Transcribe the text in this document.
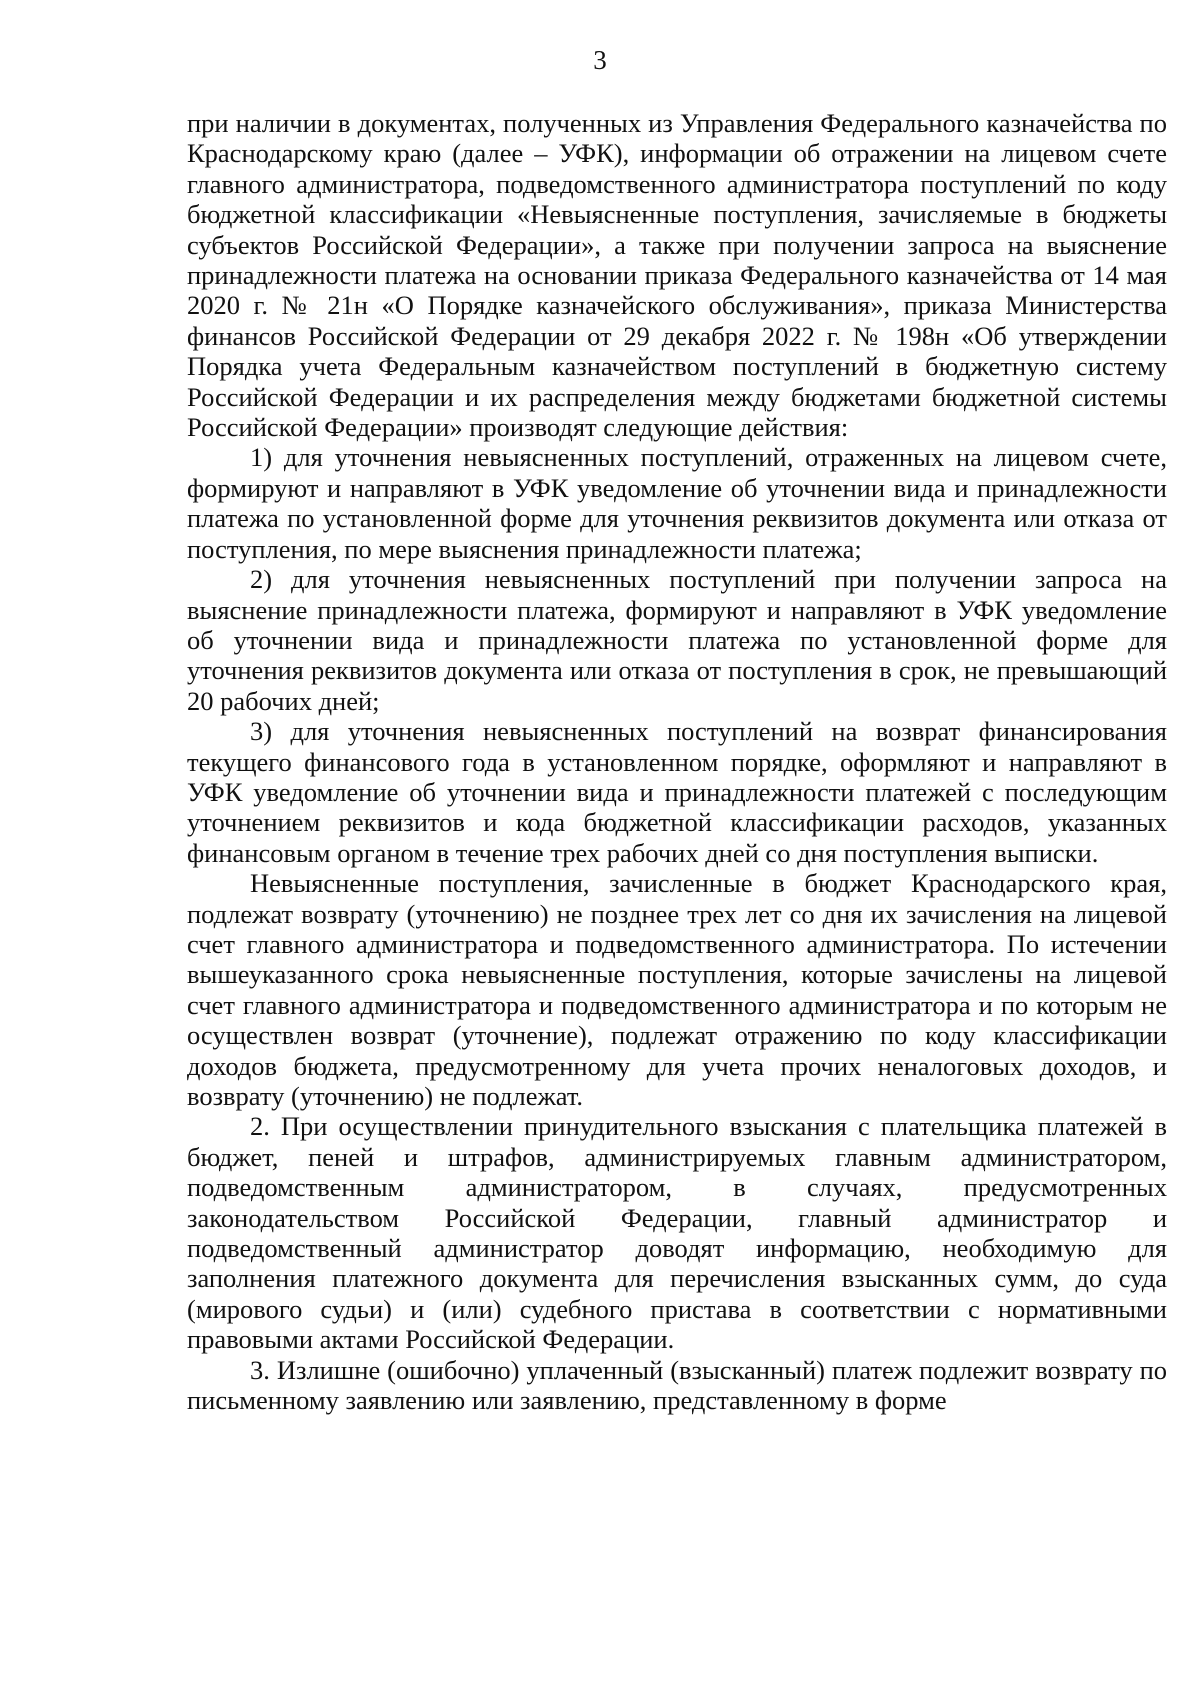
3

при наличии в документах, полученных из Управления Федерального казначейства по Краснодарскому краю (далее – УФК), информации об отражении на лицевом счете главного администратора, подведомственного администратора поступлений по коду бюджетной классификации «Невыясненные поступления, зачисляемые в бюджеты субъектов Российской Федерации», а также при получении запроса на выяснение принадлежности платежа на основании приказа Федерального казначейства от 14 мая 2020 г. № 21н «О Порядке казначейского обслуживания», приказа Министерства финансов Российской Федерации от 29 декабря 2022 г. № 198н «Об утверждении Порядка учета Федеральным казначейством поступлений в бюджетную систему Российской Федерации и их распределения между бюджетами бюджетной системы Российской Федерации» производят следующие действия:

1) для уточнения невыясненных поступлений, отраженных на лицевом счете, формируют и направляют в УФК уведомление об уточнении вида и принадлежности платежа по установленной форме для уточнения реквизитов документа или отказа от поступления, по мере выяснения принадлежности платежа;

2) для уточнения невыясненных поступлений при получении запроса на выяснение принадлежности платежа, формируют и направляют в УФК уведомление об уточнении вида и принадлежности платежа по установленной форме для уточнения реквизитов документа или отказа от поступления в срок, не превышающий 20 рабочих дней;

3) для уточнения невыясненных поступлений на возврат финансирования текущего финансового года в установленном порядке, оформляют и направляют в УФК уведомление об уточнении вида и принадлежности платежей с последующим уточнением реквизитов и кода бюджетной классификации расходов, указанных финансовым органом в течение трех рабочих дней со дня поступления выписки.

Невыясненные поступления, зачисленные в бюджет Краснодарского края, подлежат возврату (уточнению) не позднее трех лет со дня их зачисления на лицевой счет главного администратора и подведомственного администратора. По истечении вышеуказанного срока невыясненные поступления, которые зачислены на лицевой счет главного администратора и подведомственного администратора и по которым не осуществлен возврат (уточнение), подлежат отражению по коду классификации доходов бюджета, предусмотренному для учета прочих неналоговых доходов, и возврату (уточнению) не подлежат.

2. При осуществлении принудительного взыскания с плательщика платежей в бюджет, пеней и штрафов, администрируемых главным администратором, подведомственным администратором, в случаях, предусмотренных законодательством Российской Федерации, главный администратор и подведомственный администратор доводят информацию, необходимую для заполнения платежного документа для перечисления взысканных сумм, до суда (мирового судьи) и (или) судебного пристава в соответствии с нормативными правовыми актами Российской Федерации.

3. Излишне (ошибочно) уплаченный (взысканный) платеж подлежит возврату по письменному заявлению или заявлению, представленному в форме
